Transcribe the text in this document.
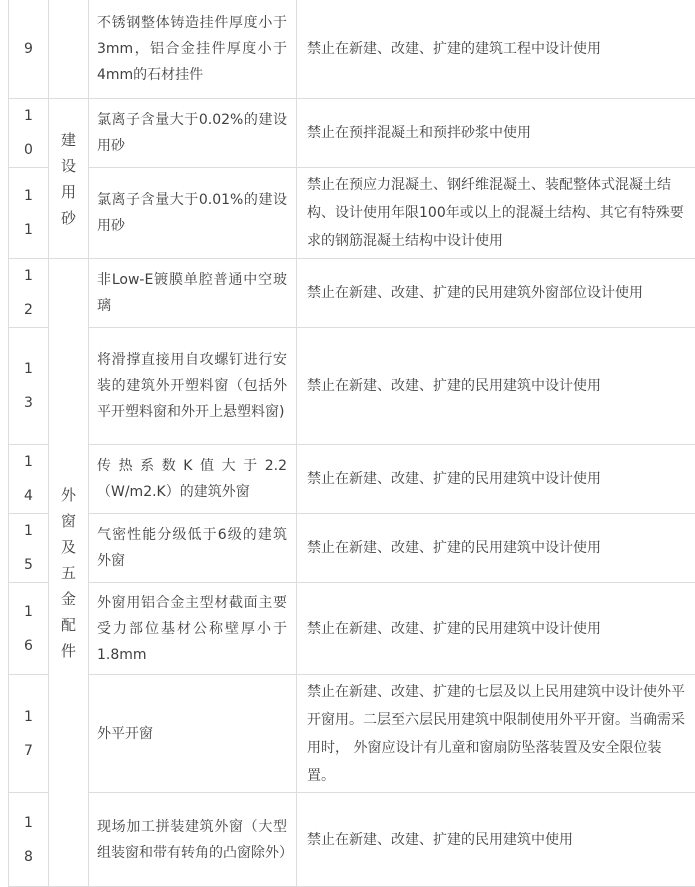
9		不锈钢整体铸造挂件厚度小于3mm，铝合金挂件厚度小于4mm的石材挂件	禁止在新建、改建、扩建的建筑工程中设计使用

10	建设用砂	氯离子含量大于0.02%的建设用砂	禁止在预拌混凝土和预拌砂浆中使用

11		氯离子含量大于0.01%的建设用砂	禁止在预应力混凝土、钢纤维混凝土、装配整体式混凝土结构、设计使用年限100年或以上的混凝土结构、其它有特殊要求的钢筋混凝土结构中设计使用

12	外窗及五金配件	非Low-E镀膜单腔普通中空玻璃	禁止在新建、改建、扩建的民用建筑外窗部位设计使用

13		将滑撑直接用自攻螺钉进行安装的建筑外开塑料窗（包括外平开塑料窗和外开上悬塑料窗)	禁止在新建、改建、扩建的民用建筑中设计使用

14		传热系数K值大于2.2（W/m2.K）的建筑外窗	禁止在新建、改建、扩建的民用建筑中设计使用

15		气密性能分级低于6级的建筑外窗	禁止在新建、改建、扩建的民用建筑中设计使用

16		外窗用铝合金主型材截面主要受力部位基材公称壁厚小于1.8mm	禁止在新建、改建、扩建的民用建筑中设计使用

17		外平开窗	禁止在新建、改建、扩建的七层及以上民用建筑中设计使外平开窗用。二层至六层民用建筑中限制使用外平开窗。当确需采用时， 外窗应设计有儿童和窗扇防坠落装置及安全限位装置。

18		现场加工拼装建筑外窗（大型组装窗和带有转角的凸窗除外）	禁止在新建、改建、扩建的民用建筑中使用
